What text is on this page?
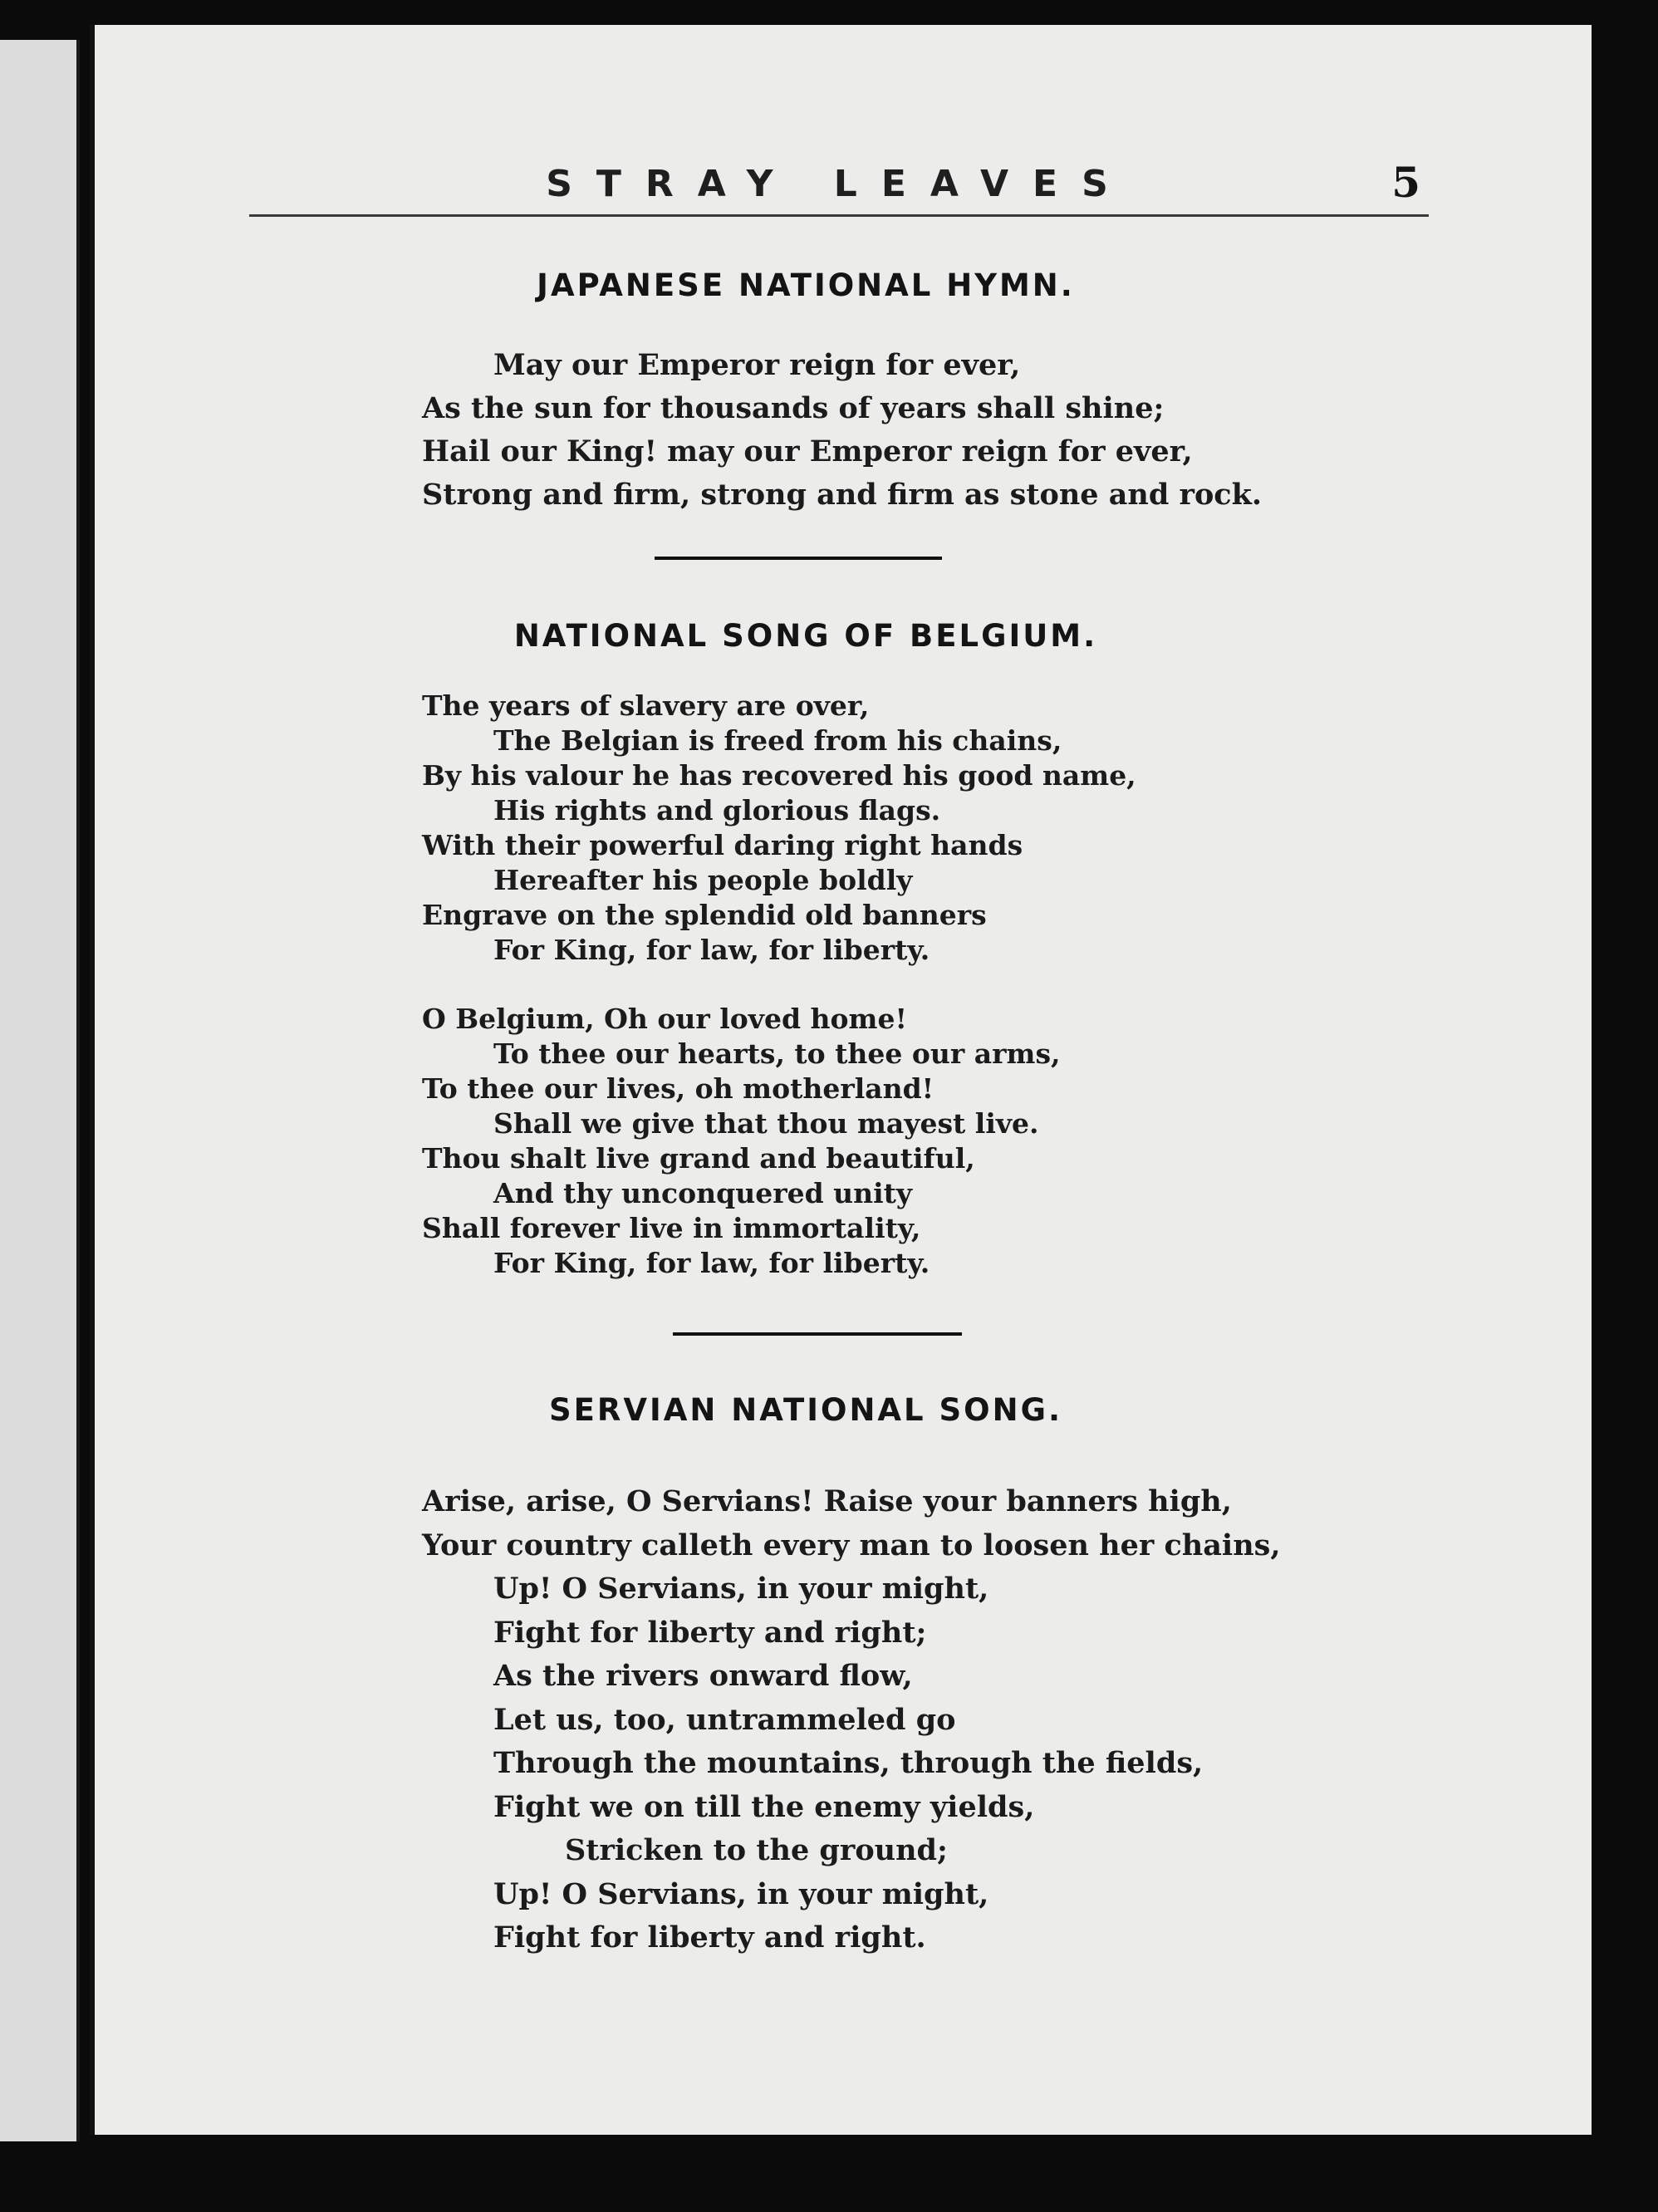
STRAY LEAVES	5
JAPANESE NATIONAL HYMN.
May our Emperor reign for ever,
As the sun for thousands of years shall shine;
Hail our King! may our Emperor reign for ever,
Strong and firm, strong and firm as stone and rock.
NATIONAL SONG OF BELGIUM.
The years of slavery are over,
The Belgian is freed from his chains,
By his valour he has recovered his good name,
His rights and glorious flags.
With their powerful daring right hands
Hereafter his people boldly
Engrave on the splendid old banners
For King, for law, for liberty.
O Belgium, Oh our loved home!
To thee our hearts, to thee our arms,
To thee our lives, oh motherland!
Shall we give that thou mayest live.
Thou shalt live grand and beautiful,
And thy unconquered unity
Shall forever live in immortality,
For King, for law, for liberty.
SERVIAN NATIONAL SONG.
Arise, arise, O Servians! Raise your banners high,
Your country calleth every man to loosen her chains,
Up! O Servians, in your might,
Fight for liberty and right;
As the rivers onward flow,
Let us, too, untrammeled go
Through the mountains, through the fields,
Fight we on till the enemy yields,
Stricken to the ground;
Up! O Servians, in your might,
Fight for liberty and right.
